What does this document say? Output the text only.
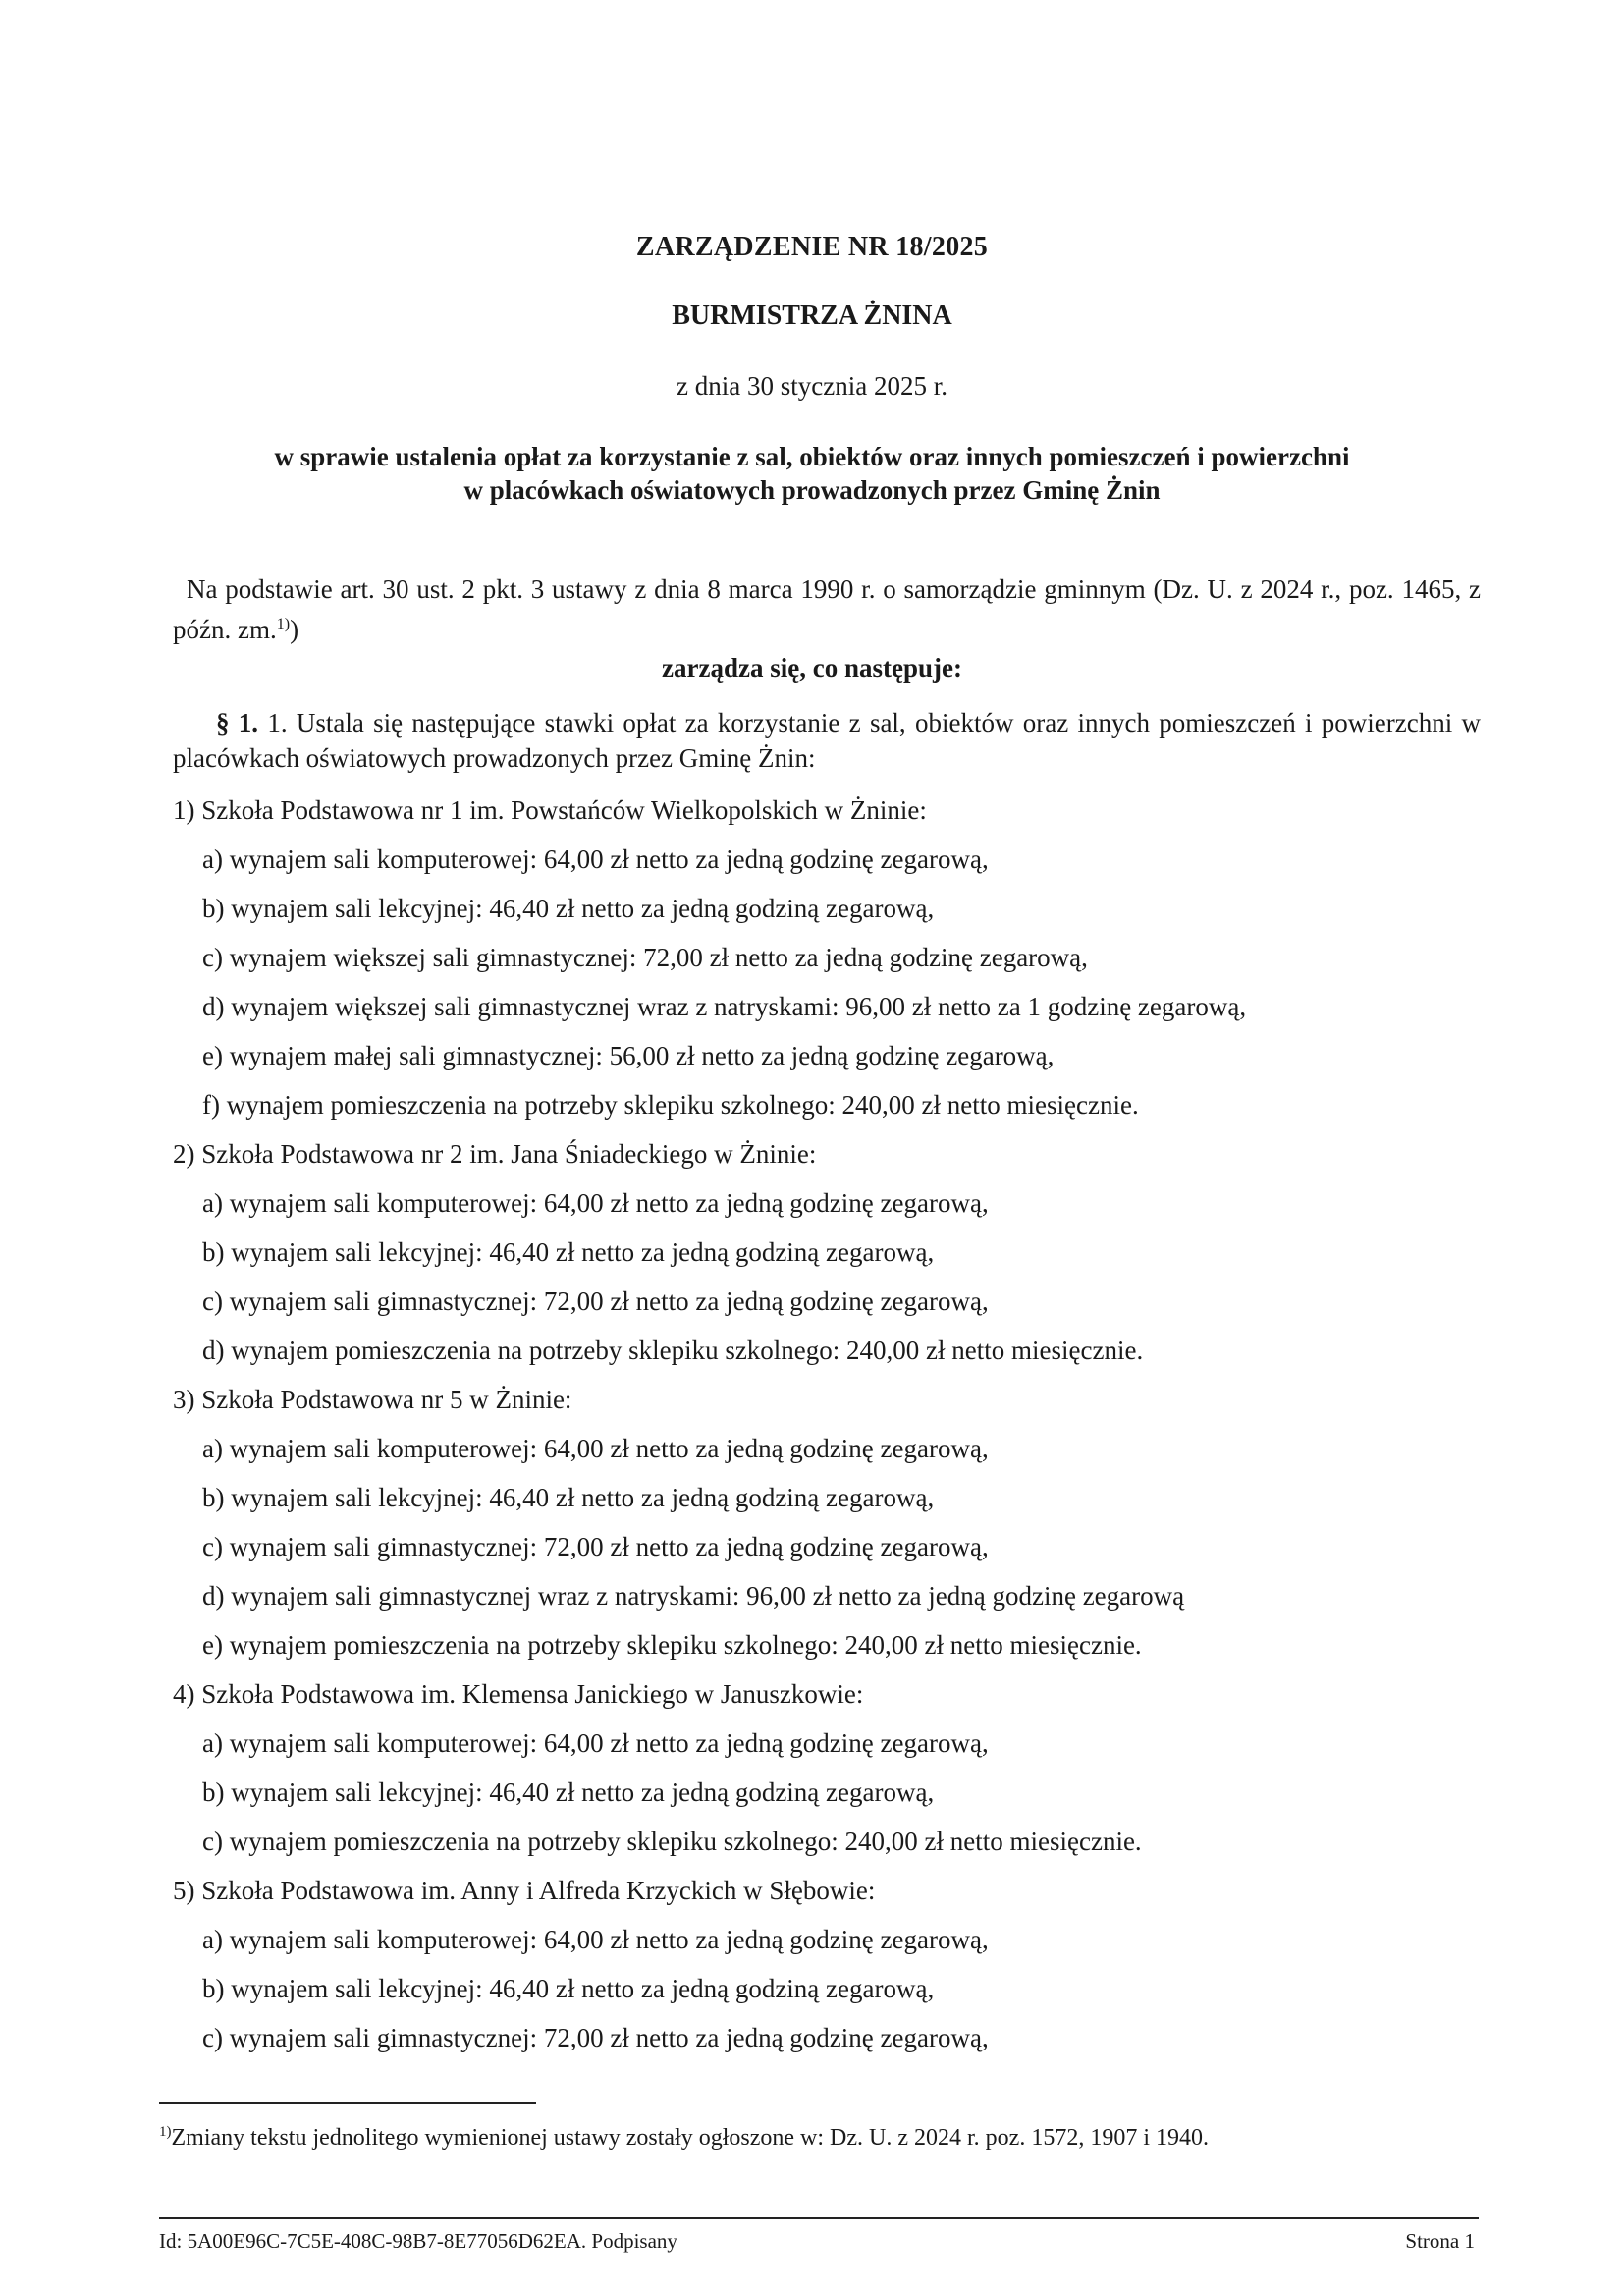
ZARZĄDZENIE NR 18/2025
BURMISTRZA ŻNINA
z dnia 30 stycznia 2025 r.
w sprawie ustalenia opłat za korzystanie z sal, obiektów oraz innych pomieszczeń i powierzchni
w placówkach oświatowych prowadzonych przez Gminę Żnin
Na podstawie art. 30 ust. 2 pkt. 3 ustawy z dnia 8 marca 1990 r. o samorządzie gminnym (Dz. U. z 2024 r., poz. 1465, z późn. zm.$^{1)}$)
zarządza się, co następuje:
§ 1. 1. Ustala się następujące stawki opłat za korzystanie z sal, obiektów oraz innych pomieszczeń i powierzchni w placówkach oświatowych prowadzonych przez Gminę Żnin:
1) Szkoła Podstawowa nr 1 im. Powstańców Wielkopolskich w Żninie:
a) wynajem sali komputerowej: 64,00 zł netto za jedną godzinę zegarową,
b) wynajem sali lekcyjnej: 46,40 zł netto za jedną godziną zegarową,
c) wynajem większej sali gimnastycznej: 72,00 zł netto za jedną godzinę zegarową,
d) wynajem większej sali gimnastycznej wraz z natryskami: 96,00 zł netto za 1 godzinę zegarową,
e) wynajem małej sali gimnastycznej: 56,00 zł netto za jedną godzinę zegarową,
f) wynajem pomieszczenia na potrzeby sklepiku szkolnego: 240,00 zł netto miesięcznie.
2) Szkoła Podstawowa nr 2 im. Jana Śniadeckiego w Żninie:
a) wynajem sali komputerowej: 64,00 zł netto za jedną godzinę zegarową,
b) wynajem sali lekcyjnej: 46,40 zł netto za jedną godziną zegarową,
c) wynajem sali gimnastycznej: 72,00 zł netto za jedną godzinę zegarową,
d) wynajem pomieszczenia na potrzeby sklepiku szkolnego: 240,00 zł netto miesięcznie.
3) Szkoła Podstawowa nr 5 w Żninie:
a) wynajem sali komputerowej: 64,00 zł netto za jedną godzinę zegarową,
b) wynajem sali lekcyjnej: 46,40 zł netto za jedną godziną zegarową,
c) wynajem sali gimnastycznej: 72,00 zł netto za jedną godzinę zegarową,
d) wynajem sali gimnastycznej wraz z natryskami: 96,00 zł netto za jedną godzinę zegarową
e) wynajem pomieszczenia na potrzeby sklepiku szkolnego: 240,00 zł netto miesięcznie.
4) Szkoła Podstawowa im. Klemensa Janickiego w Januszkowie:
a) wynajem sali komputerowej: 64,00 zł netto za jedną godzinę zegarową,
b) wynajem sali lekcyjnej: 46,40 zł netto za jedną godziną zegarową,
c) wynajem pomieszczenia na potrzeby sklepiku szkolnego: 240,00 zł netto miesięcznie.
5) Szkoła Podstawowa im. Anny i Alfreda Krzyckich w Słębowie:
a) wynajem sali komputerowej: 64,00 zł netto za jedną godzinę zegarową,
b) wynajem sali lekcyjnej: 46,40 zł netto za jedną godziną zegarową,
c) wynajem sali gimnastycznej: 72,00 zł netto za jedną godzinę zegarową,
$^{1)}$Zmiany tekstu jednolitego wymienionej ustawy zostały ogłoszone w: Dz. U. z 2024 r. poz. 1572, 1907 i 1940.
Id: 5A00E96C-7C5E-408C-98B7-8E77056D62EA. Podpisany	Strona 1
